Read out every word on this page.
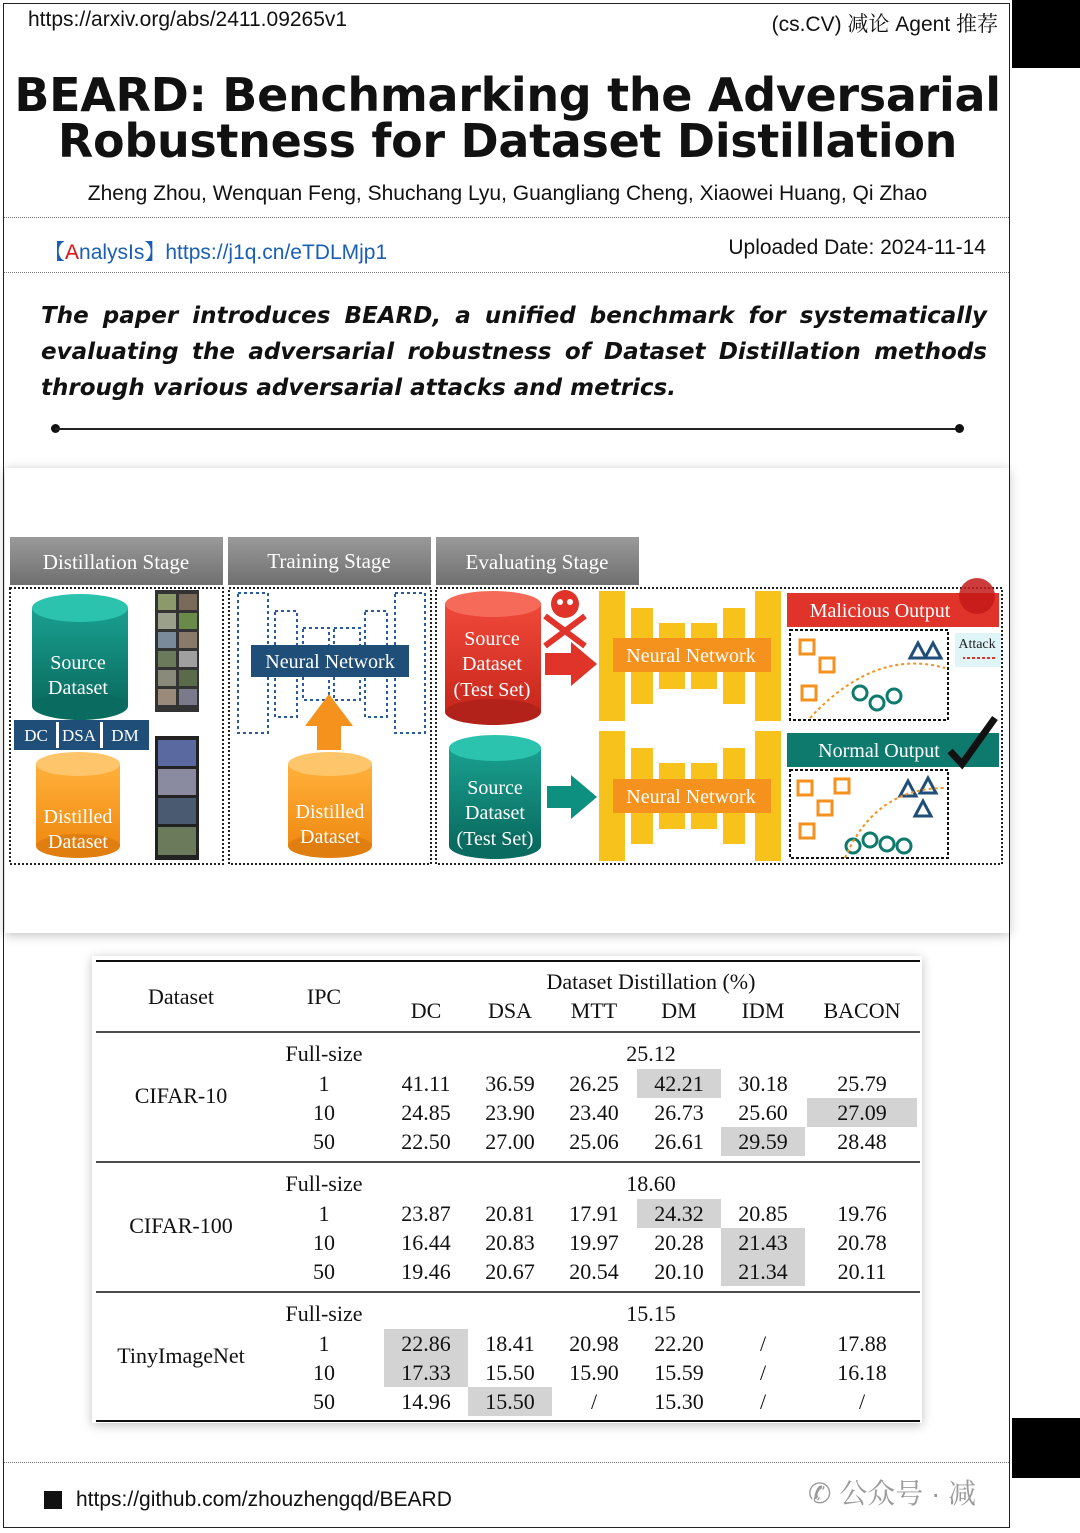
https://arxiv.org/abs/2411.09265v1	(cs.CV) 减论 Agent 推荐
BEARD: Benchmarking the Adversarial
Robustness for Dataset Distillation
Zheng Zhou, Wenquan Feng, Shuchang Lyu, Guangliang Cheng, Xiaowei Huang, Qi Zhao
【AnalysIs】https://j1q.cn/eTDLMjp1	Uploaded Date: 2024-11-14
The paper introduces BEARD, a unified benchmark for systematically evaluating the adversarial robustness of Dataset Distillation methods through various adversarial attacks and metrics.
Distillation Stage	Training Stage	Evaluating Stage
Source
Dataset
DC DSA DM
Distilled
Dataset
Neural Network
Distilled
Dataset
Source
Dataset
(Test Set)
Neural Network
Malicious Output
Attack
Source
Dataset
(Test Set)
Neural Network
Normal Output
Dataset	IPC
Dataset Distillation (%)
DC DSA MTT DM IDM BACON
CIFAR-10
Full-size	25.12
1	41.11 36.59 26.25 42.21 30.18 25.79
10	24.85 23.90 23.40 26.73 25.60 27.09
50	22.50 27.00 25.06 26.61 29.59 28.48
CIFAR-100
Full-size	18.60
1	23.87 20.81 17.91 24.32 20.85 19.76
10	16.44 20.83 19.97 20.28 21.43 20.78
50	19.46 20.67 20.54 20.10 21.34 20.11
TinyImageNet
Full-size	15.15
1	22.86 18.41 20.98 22.20	/	17.88
10	17.33 15.50 15.90 15.59	/	16.18
50	14.96 15.50	/	15.30	/	/
https://github.com/zhouzhengqd/BEARD	✆ 公众号 · 减
